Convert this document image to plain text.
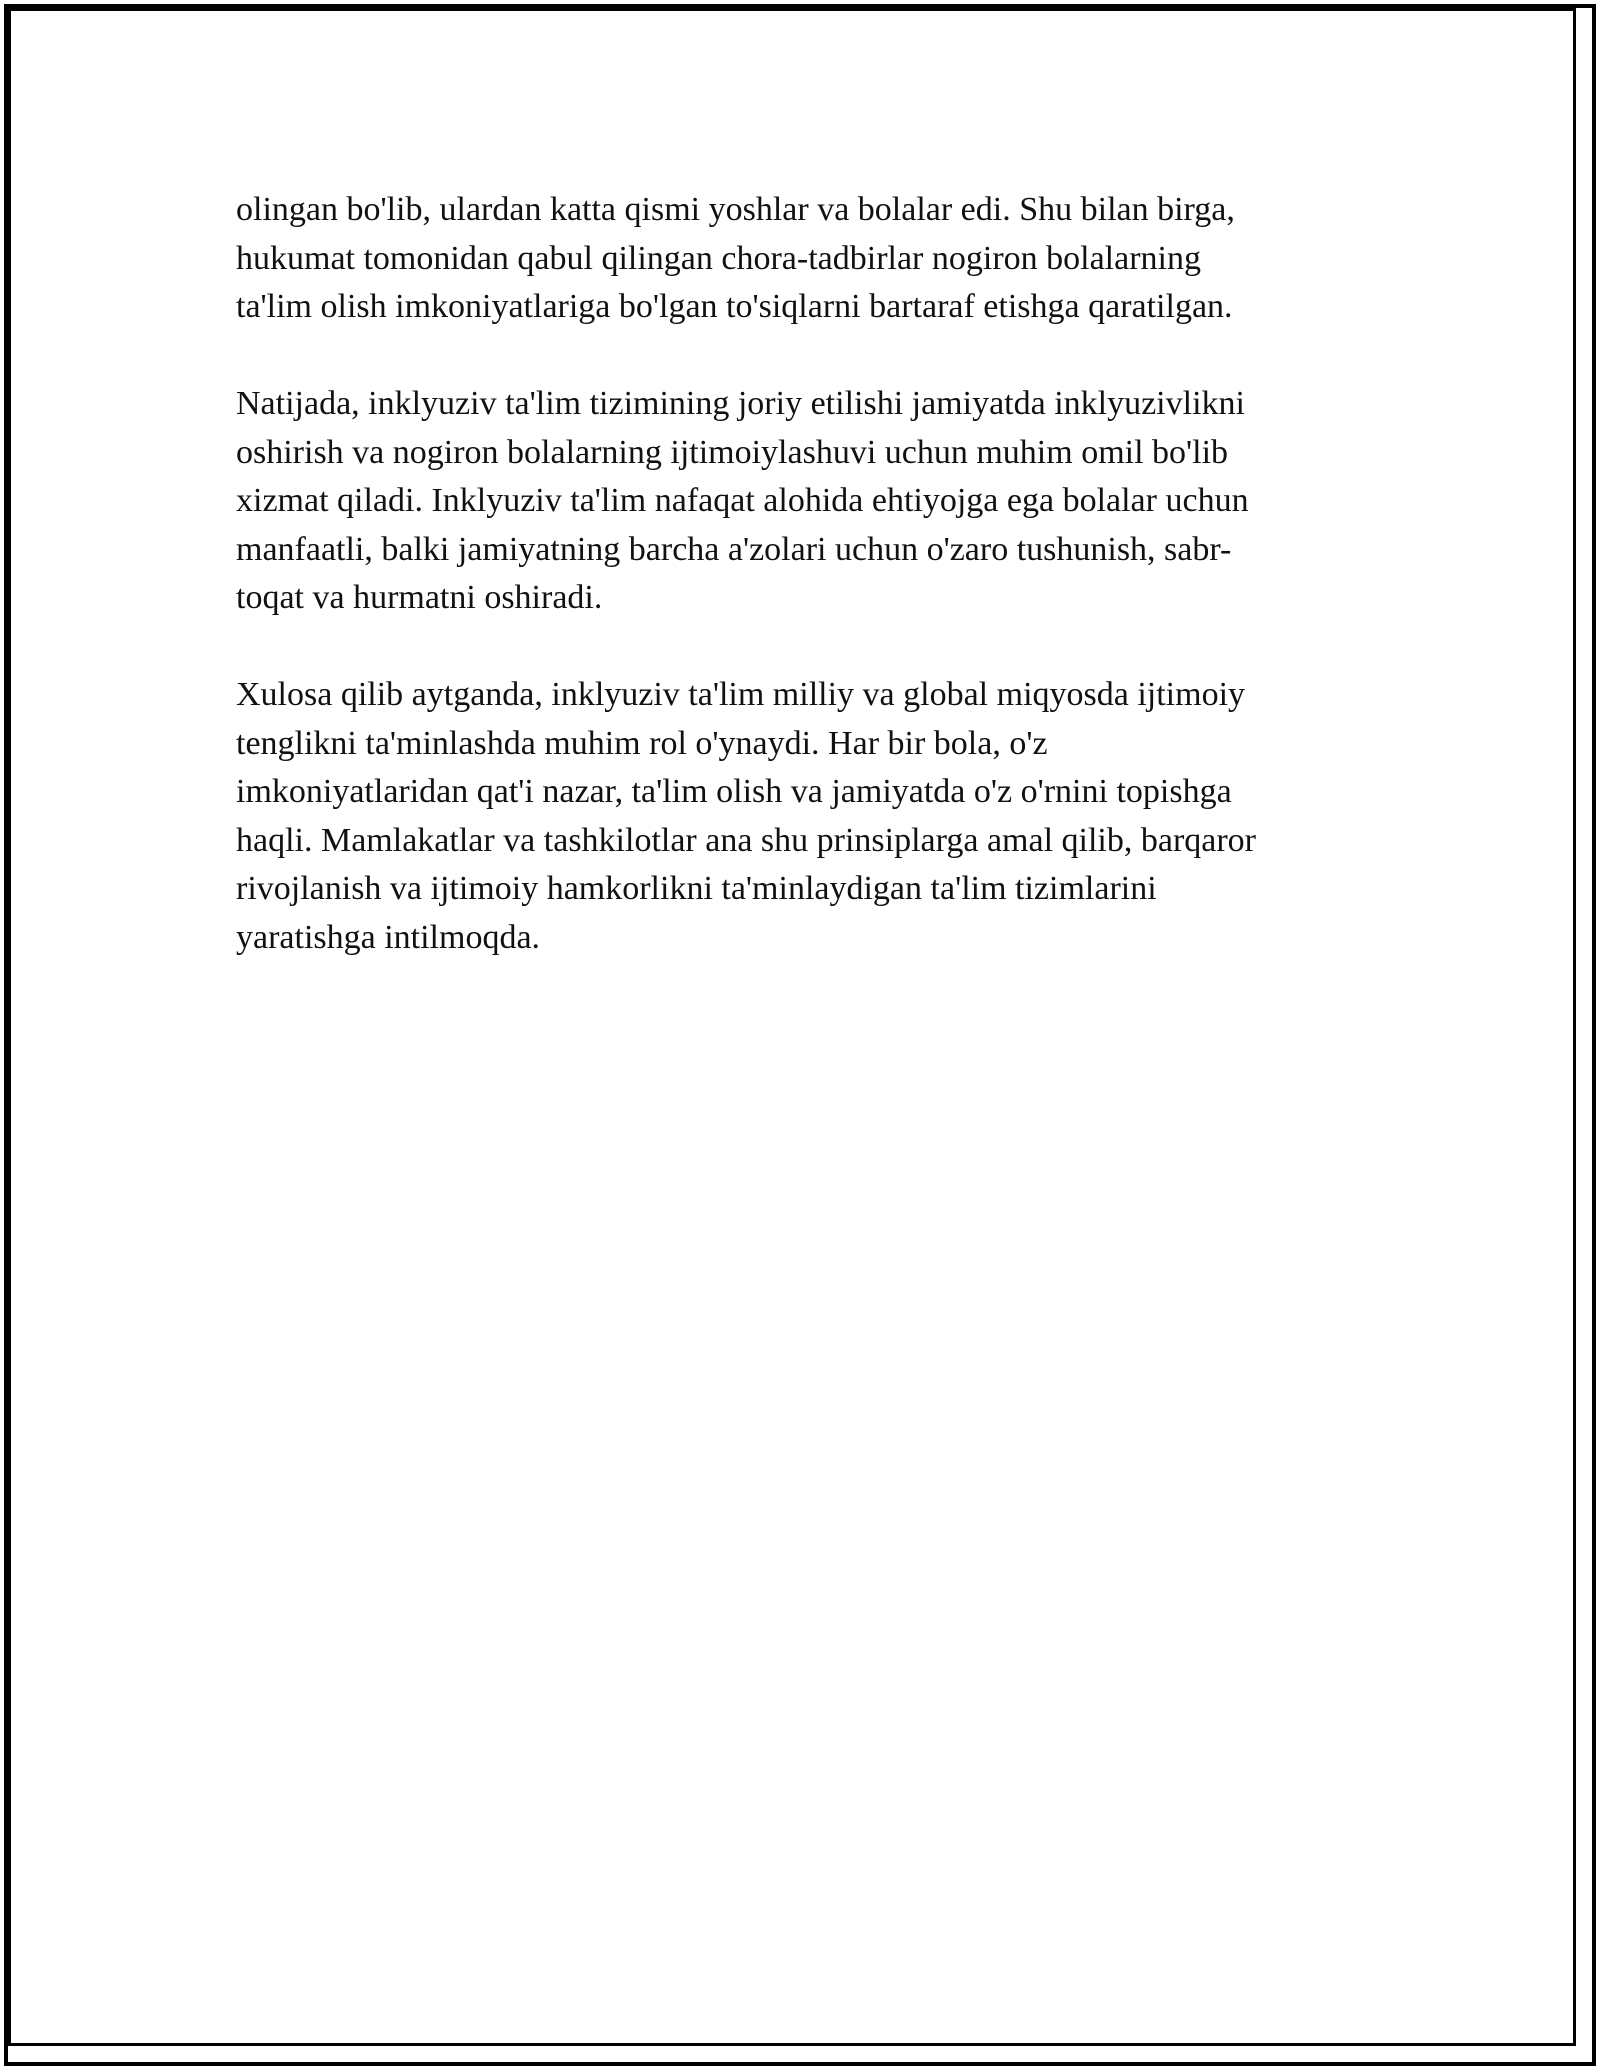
olingan bo'lib, ulardan katta qismi yoshlar va bolalar edi. Shu bilan birga,
hukumat tomonidan qabul qilingan chora-tadbirlar nogiron bolalarning
ta'lim olish imkoniyatlariga bo'lgan to'siqlarni bartaraf etishga qaratilgan.

Natijada, inklyuziv ta'lim tizimining joriy etilishi jamiyatda inklyuzivlikni
oshirish va nogiron bolalarning ijtimoiylashuvi uchun muhim omil bo'lib
xizmat qiladi. Inklyuziv ta'lim nafaqat alohida ehtiyojga ega bolalar uchun
manfaatli, balki jamiyatning barcha a'zolari uchun o'zaro tushunish, sabr-
toqat va hurmatni oshiradi.

Xulosa qilib aytganda, inklyuziv ta'lim milliy va global miqyosda ijtimoiy
tenglikni ta'minlashda muhim rol o'ynaydi. Har bir bola, o'z
imkoniyatlaridan qat'i nazar, ta'lim olish va jamiyatda o'z o'rnini topishga
haqli. Mamlakatlar va tashkilotlar ana shu prinsiplarga amal qilib, barqaror
rivojlanish va ijtimoiy hamkorlikni ta'minlaydigan ta'lim tizimlarini
yaratishga intilmoqda.
